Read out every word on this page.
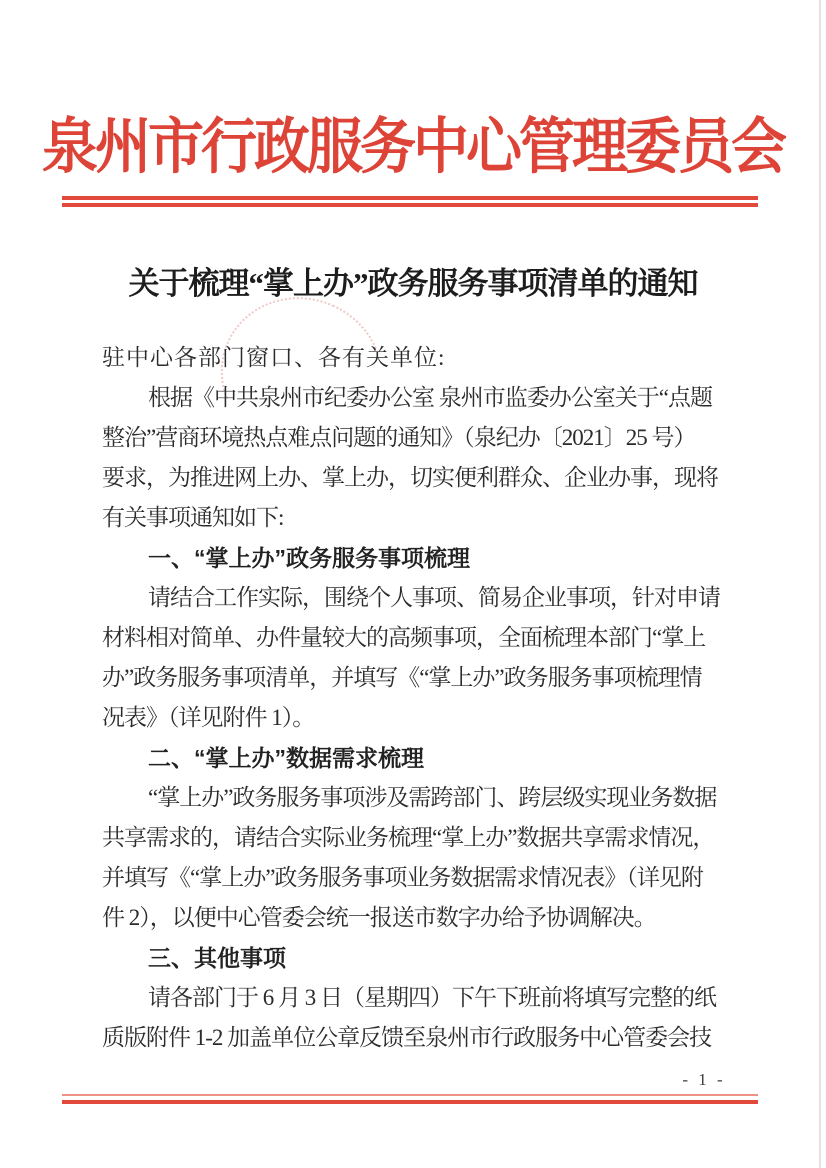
泉州市行政服务中心管理委员会
关于梳理“掌上办”政务服务事项清单的通知
驻中心各部门窗口、各有关单位:
根据《中共泉州市纪委办公室 泉州市监委办公室关于“点题
整治”营商环境热点难点问题的通知》（泉纪办〔2021〕25 号）
要求，为推进网上办、掌上办，切实便利群众、企业办事，现将
有关事项通知如下:
一、“掌上办”政务服务事项梳理
请结合工作实际，围绕个人事项、简易企业事项，针对申请
材料相对简单、办件量较大的高频事项，全面梳理本部门“掌上
办”政务服务事项清单，并填写《“掌上办”政务服务事项梳理情
况表》（详见附件 1）。
二、“掌上办”数据需求梳理
“掌上办”政务服务事项涉及需跨部门、跨层级实现业务数据
共享需求的，请结合实际业务梳理“掌上办”数据共享需求情况，
并填写《“掌上办”政务服务事项业务数据需求情况表》（详见附
件 2），以便中心管委会统一报送市数字办给予协调解决。
三、其他事项
请各部门于 6 月 3 日（星期四）下午下班前将填写完整的纸
质版附件 1-2 加盖单位公章反馈至泉州市行政服务中心管委会技
- 1 -
